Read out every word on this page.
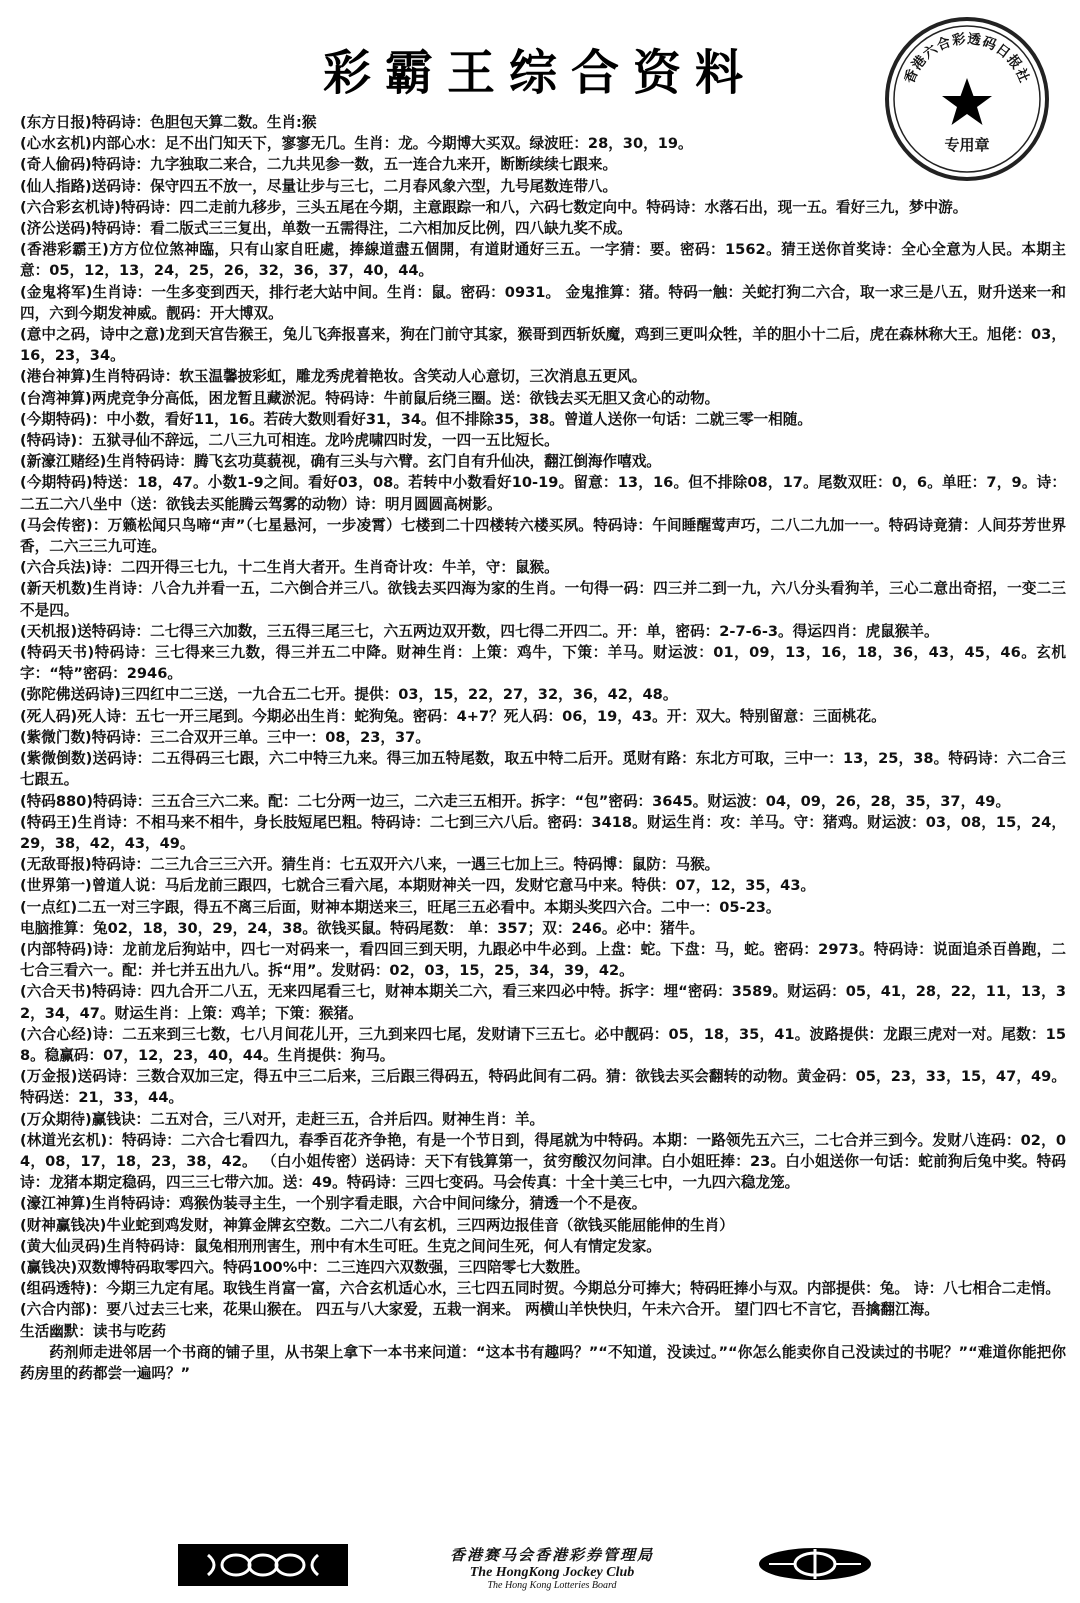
彩霸王综合资料	香港六合彩透码日报社
专用章

(东方日报)特码诗：色胆包天算二数。生肖:猴

(心水玄机)内部心水：足不出门知天下，寥寥无几。生肖：龙。今期博大买双。绿波旺：28，30，19。

(奇人偷码)特码诗：九字独取二来合，二九共见参一数，五一连合九来开，断断续续七跟来。

(仙人指路)送码诗：保守四五不放一，尽量让步与三七，二月春风象六型，九号尾数连带八。

(六合彩玄机诗)特码诗：四二走前九移步，三头五尾在今期，主意跟踪一和八，六码七数定向中。特码诗：水落石出，现一五。看好三九，梦中游。

(济公送码)特码诗：看二版式三三复出，单数一五需得注，二六相加反比例，四八缺九奖不成。

(香港彩霸王)方方位位煞神臨，只有山家自旺處，捧線道盡五個開，有道財通好三五。一字猜：要。密码：1562。猜王送你首奖诗：全心全意为人民。本期主意：05，12，13，24，25，26，32，36，37，40，44。

(金鬼将军)生肖诗：一生多变到西天，排行老大站中间。生肖：鼠。密码：0931。 金鬼推算：猪。特码一触：关蛇打狗二六合，取一求三是八五，财升送来一和四，六到今期发神威。靓码：开大博双。

(意中之码，诗中之意)龙到天宫告猴王，兔儿飞奔报喜来，狗在门前守其家，猴哥到西斩妖魔，鸡到三更叫众牲，羊的胆小十二后，虎在森林称大王。旭佬：03，16，23，34。

(港台神算)生肖特码诗：软玉温馨披彩虹，雕龙秀虎着艳妆。含笑动人心意切，三次消息五更风。

(台湾神算)两虎竞争分高低，困龙暂且藏淤泥。特码诗：牛前鼠后绕三圈。送：欲钱去买无胆又贪心的动物。

(今期特码)：中小数，看好11，16。若砖大数则看好31，34。但不排除35，38。曾道人送你一句话：二就三零一相随。

(特码诗)：五狱寻仙不辞远，二八三九可相连。龙吟虎啸四时发，一四一五比短长。

(新濠江赌经)生肖特码诗：腾飞玄功莫藐视，确有三头与六臂。玄门自有升仙决，翻江倒海作嘻戏。

(今期特码)特送：18，47。小数1-9之间。看好03，08。若转中小数看好10-19。留意：13，16。但不排除08，17。尾数双旺：0，6。单旺：7，9。诗：二五二六八坐中（送：欲钱去买能腾云驾雾的动物）诗：明月圆圆高树影。

(马会传密)：万籁松闻只鸟啼“声”（七星悬河，一步凌霄）七楼到二十四楼转六楼买夙。特码诗：午间睡醒莺声巧，二八二九加一一。特码诗竟猜：人间芬芳世界香，二六三三九可连。

(六合兵法)诗：二四开得三七九，十二生肖大者开。生肖奇计攻：牛羊，守：鼠猴。

(新天机数)生肖诗：八合九并看一五，二六倒合并三八。欲钱去买四海为家的生肖。一句得一码：四三并二到一九，六八分头看狗羊，三心二意出奇招，一变二三不是四。

(天机报)送特码诗：二七得三六加数，三五得三尾三七，六五两边双开数，四七得二开四二。开：单，密码：2-7-6-3。得运四肖：虎鼠猴羊。

(特码天书)特码诗：三七得来三九数，得三并五二中降。财神生肖：上策：鸡牛，下策：羊马。财运波：01，09，13，16，18，36，43，45，46。玄机字：“特”密码：2946。

(弥陀佛送码诗)三四红中二三送，一九合五二七开。提供：03，15，22，27，32，36，42，48。

(死人码)死人诗：五七一开三尾到。今期必出生肖：蛇狗兔。密码：4+7？死人码：06，19，43。开：双大。特别留意：三面桃花。

(紫微门数)特码诗：三二合双开三单。三中一：08，23，37。

(紫微倒数)送码诗：二五得码三七跟，六二中特三九来。得三加五特尾数，取五中特二后开。觅财有路：东北方可取，三中一：13，25，38。特码诗：六二合三七跟五。

(特码880)特码诗：三五合三六二来。配：二七分两一边三，二六走三五相开。拆字：“包”密码：3645。财运波：04，09，26，28，35，37，49。

(特码王)生肖诗：不相马来不相牛，身长肢短尾巴粗。特码诗：二七到三六八后。密码：3418。财运生肖：攻：羊马。守：猪鸡。财运波：03，08，15，24，29，38，42，43，49。

(无敌哥报)特码诗：二三九合三三六开。猜生肖：七五双开六八来，一遇三七加上三。特码博：鼠防：马猴。

(世界第一)曾道人说：马后龙前三跟四，七就合三看六尾，本期财神关一四，发财它意马中来。特供：07，12，35，43。

(一点红)二五一对三字跟，得五不离三后面，财神本期送来三，旺尾三五必看中。本期头奖四六合。二中一：05-23。

电脑推算：兔02，18，30，29，24，38。欲钱买鼠。特码尾数： 单：357；双：246。必中：猪牛。

(内部特码)诗：龙前龙后狗站中，四七一对码来一，看四回三到天明，九跟必中牛必到。上盘：蛇。下盘：马，蛇。密码：2973。特码诗：说面追杀百兽跑，二七合三看六一。配：并七并五出九八。拆“用”。发财码：02，03，15，25，34，39，42。

(六合天书)特码诗：四九合开二八五，无来四尾看三七，财神本期关二六，看三来四必中特。拆字：埋“密码：3589。财运码：05，41，28，22，11，13，32，34，47。财运生肖：上策：鸡羊；下策：猴猪。

(六合心经)诗：二五来到三七数，七八月间花儿开，三九到来四七尾，发财请下三五七。必中靓码：05，18，35，41。波路提供：龙跟三虎对一对。尾数：158。稳赢码：07，12，23，40，44。生肖提供：狗马。

(万金报)送码诗：三数合双加三定，得五中三二后来，三后跟三得码五，特码此间有二码。猜：欲钱去买会翻转的动物。黄金码：05，23，33，15，47，49。特码送：21，33，44。

(万众期待)赢钱诀：二五对合，三八对开，走赶三五，合并后四。财神生肖：羊。

(林道光玄机)：特码诗：二六合七看四九，春季百花齐争艳，有是一个节日到，得尾就为中特码。本期：一路领先五六三，二七合并三到今。发财八连码：02，04，08，17，18，23，38，42。 （白小姐传密）送码诗：天下有钱算第一，贫穷酸汉勿问津。白小姐旺捧：23。白小姐送你一句话：蛇前狗后兔中奖。特码诗：龙猪本期定稳码，四三三七带六加。送：49。特码诗：三四七变码。马会传真：十全十美三七中，一九四六稳龙笼。

(濠江神算)生肖特码诗：鸡猴伪装寻主生，一个别字看走眼，六合中间问缘分，猜透一个不是夜。

(财神赢钱决)牛业蛇到鸡发财，神算金牌玄空数。二六二八有玄机，三四两边报佳音（欲钱买能屈能伸的生肖）

(黄大仙灵码)生肖特码诗：鼠兔相刑刑害生，刑中有木生可旺。生克之间问生死，何人有情定发家。

(赢钱决)双数博特码取零四六。特码100%中：二三连四六双数强，三四陪零七大数胜。

(组码透特)：今期三九定有尾。取钱生肖富一富，六合玄机适心水，三七四五同时贺。今期总分可捧大；特码旺捧小与双。内部提供：兔。 诗：八七相合二走悄。

(六合内部)：要八过去三七来，花果山猴在。 四五与八大家爱，五栽一润来。 两横山羊快快归，午未六合开。 望门四七不言它，吾擒翻江海。

生活幽默：读书与吃药

药剂师走进邻居一个书商的铺子里，从书架上拿下一本书来问道：“这本书有趣吗？”“不知道，没读过。”“你怎么能卖你自己没读过的书呢？”“难道你能把你药房里的药都尝一遍吗？”

香港赛马会香港彩券管理局
The HongKong Jockey Club
The Hong Kong Lotteries Board
